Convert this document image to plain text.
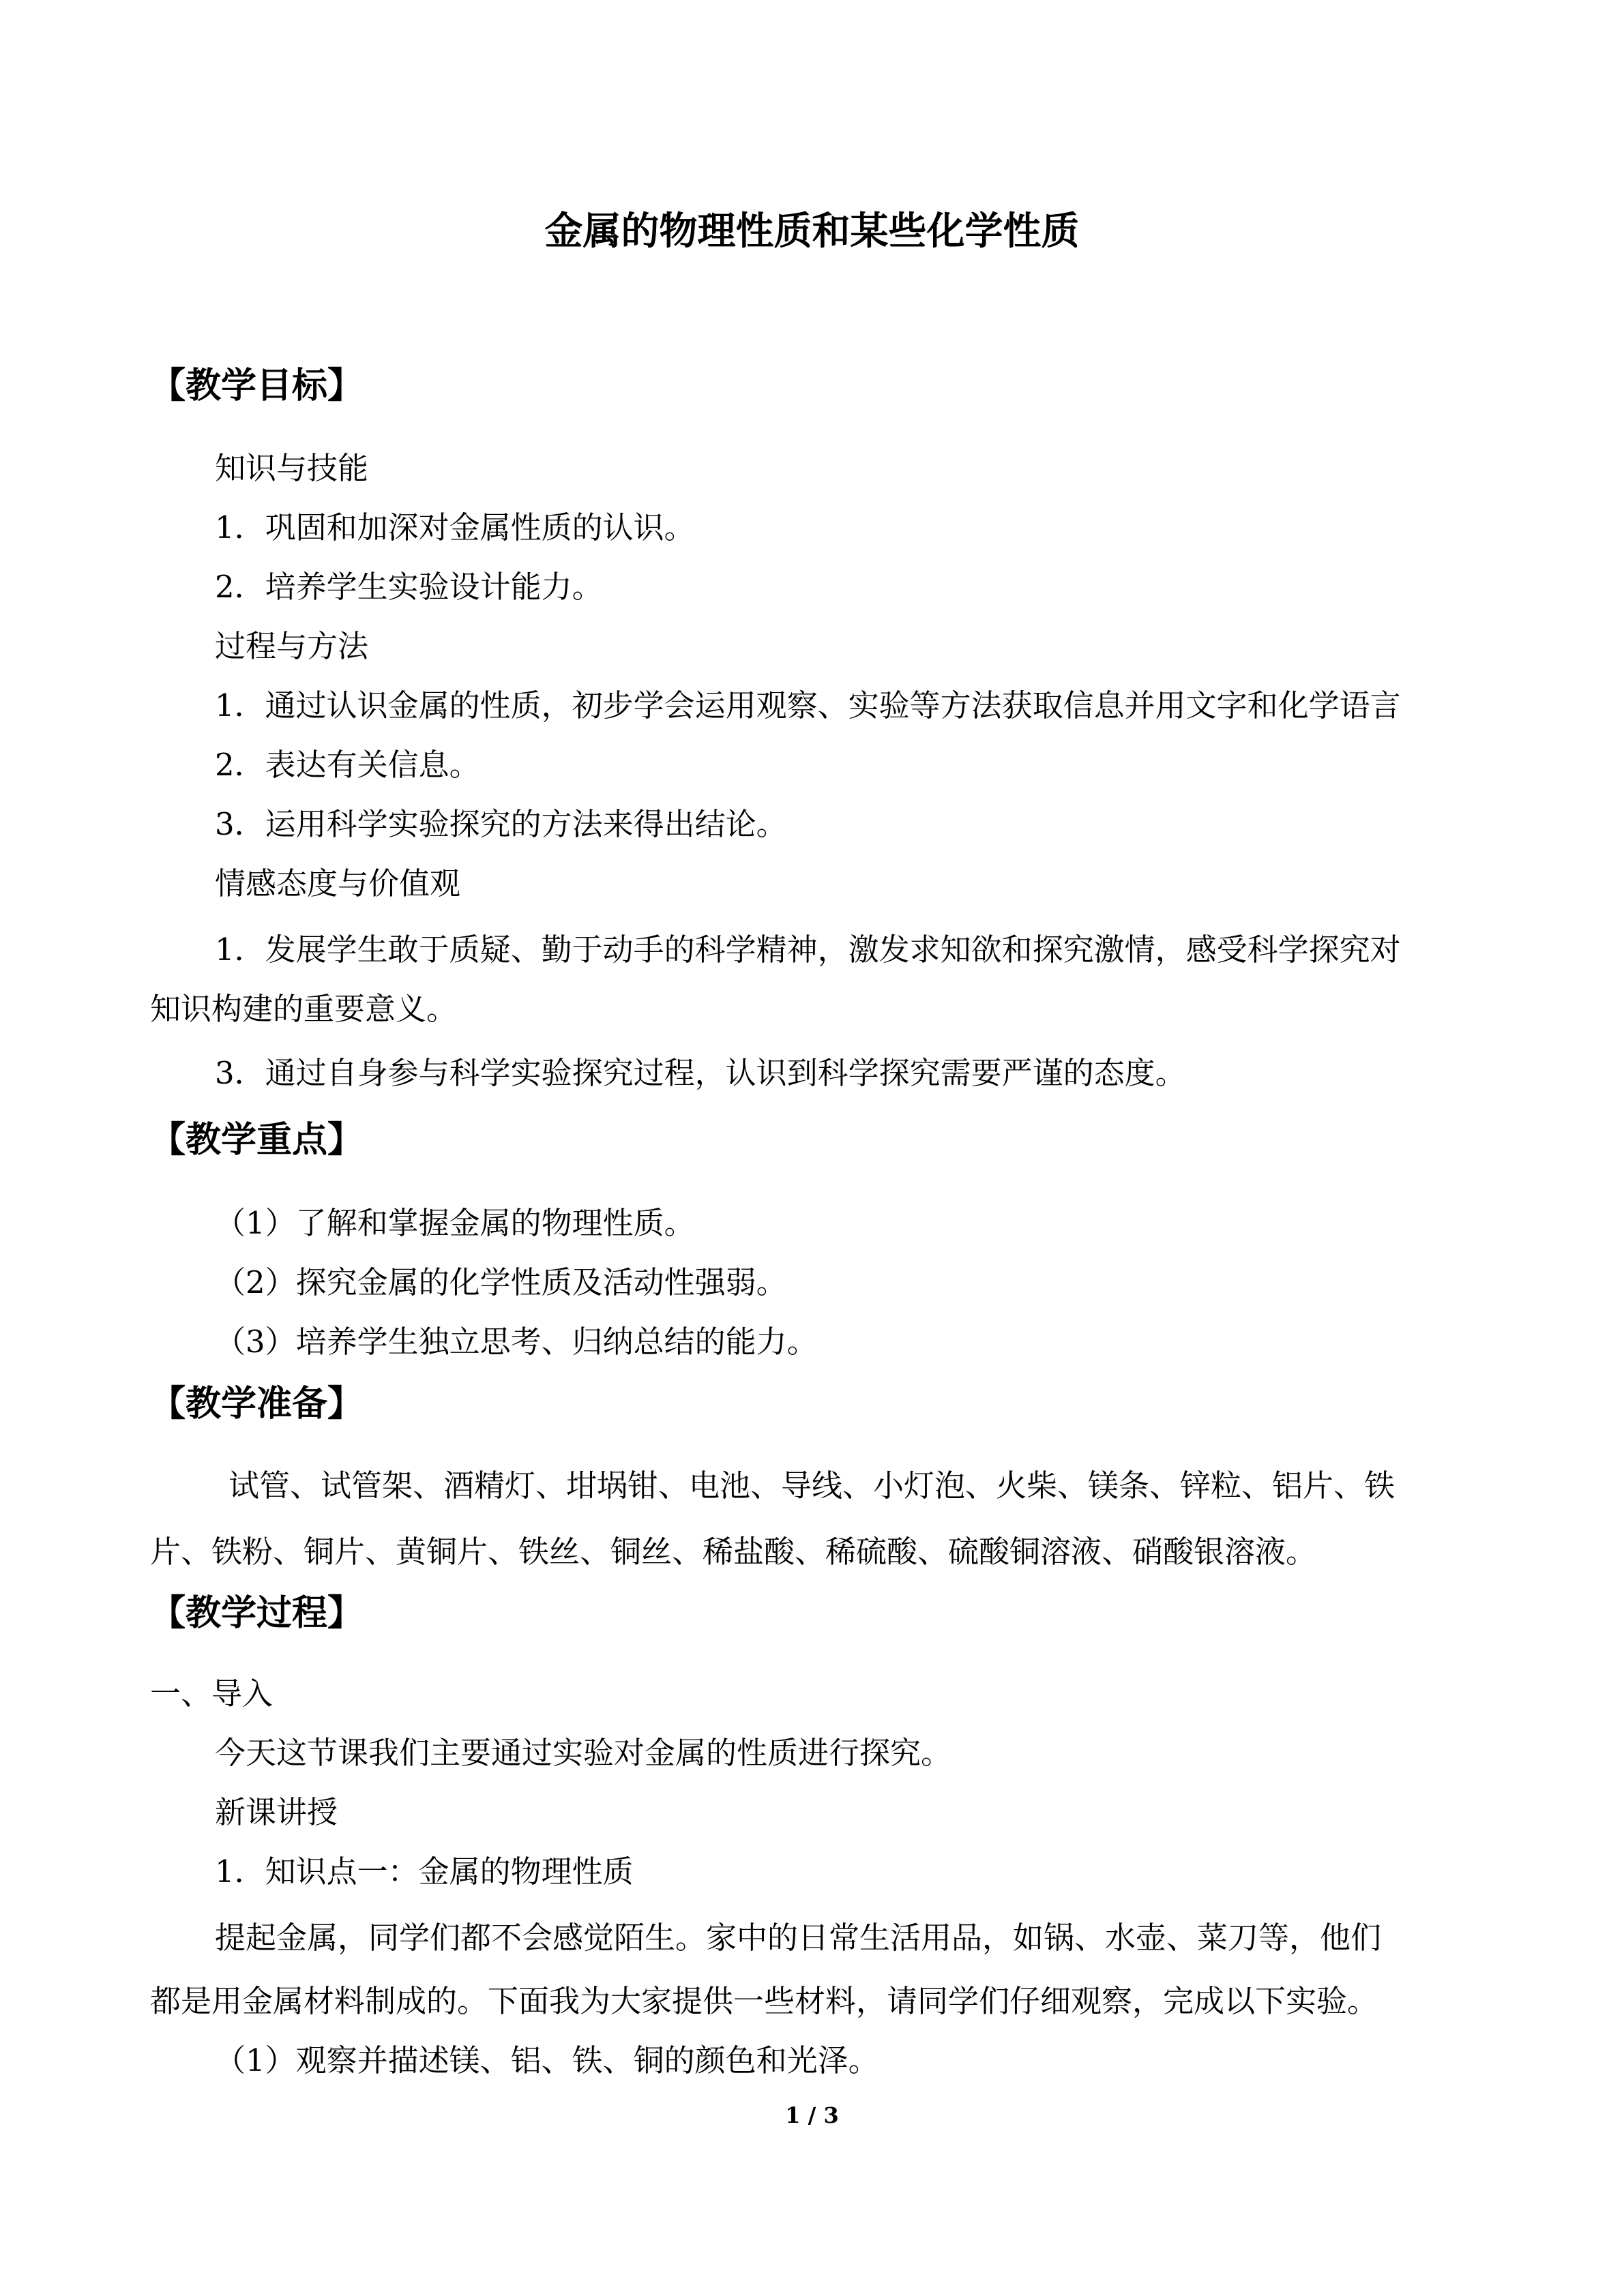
金属的物理性质和某些化学性质
【教学目标】
知识与技能
1．巩固和加深对金属性质的认识。
2．培养学生实验设计能力。
过程与方法
1．通过认识金属的性质，初步学会运用观察、实验等方法获取信息并用文字和化学语言
2．表达有关信息。
3．运用科学实验探究的方法来得出结论。
情感态度与价值观
1．发展学生敢于质疑、勤于动手的科学精神，激发求知欲和探究激情，感受科学探究对
知识构建的重要意义。
3．通过自身参与科学实验探究过程，认识到科学探究需要严谨的态度。
【教学重点】
（1）了解和掌握金属的物理性质。
（2）探究金属的化学性质及活动性强弱。
（3）培养学生独立思考、归纳总结的能力。
【教学准备】
试管、试管架、酒精灯、坩埚钳、电池、导线、小灯泡、火柴、镁条、锌粒、铝片、铁
片、铁粉、铜片、黄铜片、铁丝、铜丝、稀盐酸、稀硫酸、硫酸铜溶液、硝酸银溶液。
【教学过程】
一、导入
今天这节课我们主要通过实验对金属的性质进行探究。
新课讲授
1．知识点一：金属的物理性质
提起金属，同学们都不会感觉陌生。家中的日常生活用品，如锅、水壶、菜刀等，他们
都是用金属材料制成的。下面我为大家提供一些材料，请同学们仔细观察，完成以下实验。
（1）观察并描述镁、铝、铁、铜的颜色和光泽。
1 / 3
